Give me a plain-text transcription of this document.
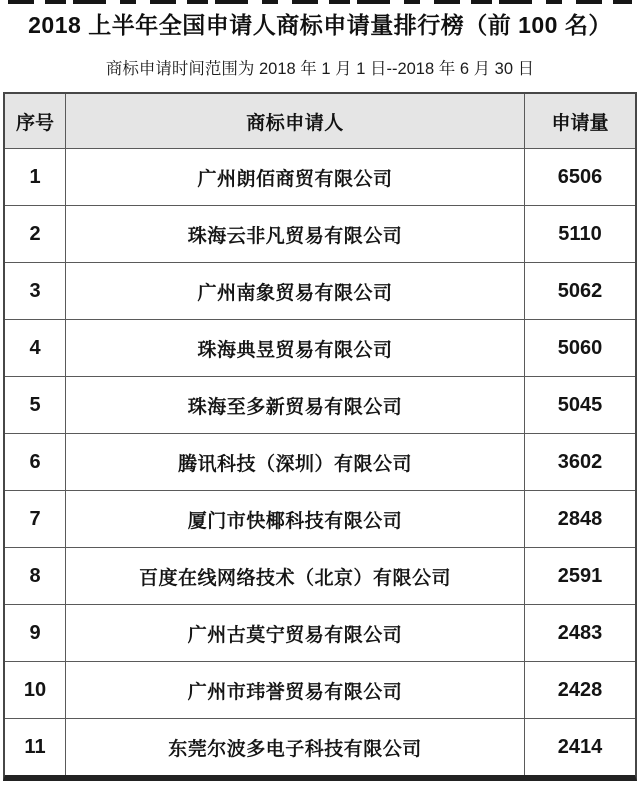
2018 上半年全国申请人商标申请量排行榜（前 100 名）
商标申请时间范围为 2018 年 1 月 1 日--2018 年 6 月 30 日
序号	商标申请人	申请量
1	广州朗佰商贸有限公司	6506
2	珠海云非凡贸易有限公司	5110
3	广州南象贸易有限公司	5062
4	珠海典昱贸易有限公司	5060
5	珠海至多新贸易有限公司	5045
6	腾讯科技（深圳）有限公司	3602
7	厦门市快椰科技有限公司	2848
8	百度在线网络技术（北京）有限公司	2591
9	广州古莫宁贸易有限公司	2483
10	广州市玮誉贸易有限公司	2428
11	东莞尔波多电子科技有限公司	2414
